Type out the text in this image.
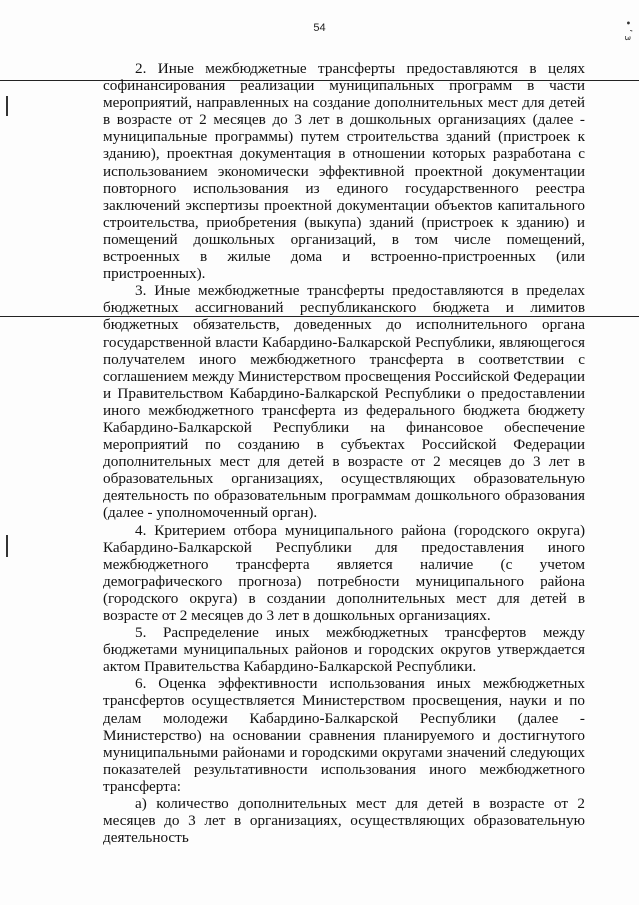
54	• ʼ з

2. Иные межбюджетные трансферты предоставляются в целях софинансирования реализации муниципальных программ в части мероприятий, направленных на создание дополнительных мест для детей в возрасте от 2 месяцев до 3 лет в дошкольных организациях (далее - муниципальные программы) путем строительства зданий (пристроек к зданию), проектная документация в отношении которых разработана с использованием экономически эффективной проектной документации повторного использования из единого государственного реестра заключений экспертизы проектной документации объектов капитального строительства, приобретения (выкупа) зданий (пристроек к зданию) и помещений дошкольных организаций, в том числе помещений, встроенных в жилые дома и встроенно-пристроенных (или пристроенных).

3. Иные межбюджетные трансферты предоставляются в пределах бюджетных ассигнований республиканского бюджета и лимитов бюджетных обязательств, доведенных до исполнительного органа государственной власти Кабардино-Балкарской Республики, являющегося получателем иного межбюджетного трансферта в соответствии с соглашением между Министерством просвещения Российской Федерации и Правительством Кабардино-Балкарской Республики о предоставлении иного межбюджетного трансферта из федерального бюджета бюджету Кабардино-Балкарской Республики на финансовое обеспечение мероприятий по созданию в субъектах Российской Федерации дополнительных мест для детей в возрасте от 2 месяцев до 3 лет в образовательных организациях, осуществляющих образовательную деятельность по образовательным программам дошкольного образования (далее - уполномоченный орган).

4. Критерием отбора муниципального района (городского округа) Кабардино-Балкарской Республики для предоставления иного межбюджетного трансферта является наличие (с учетом демографического прогноза) потребности муниципального района (городского округа) в создании дополнительных мест для детей в возрасте от 2 месяцев до 3 лет в дошкольных организациях.

5. Распределение иных межбюджетных трансфертов между бюджетами муниципальных районов и городских округов утверждается актом Правительства Кабардино-Балкарской Республики.

6. Оценка эффективности использования иных межбюджетных трансфертов осуществляется Министерством просвещения, науки и по делам молодежи Кабардино-Балкарской Республики (далее - Министерство) на основании сравнения планируемого и достигнутого муниципальными районами и городскими округами значений следующих показателей результативности использования иного межбюджетного трансферта:

а) количество дополнительных мест для детей в возрасте от 2 месяцев до 3 лет в организациях, осуществляющих образовательную деятельность
